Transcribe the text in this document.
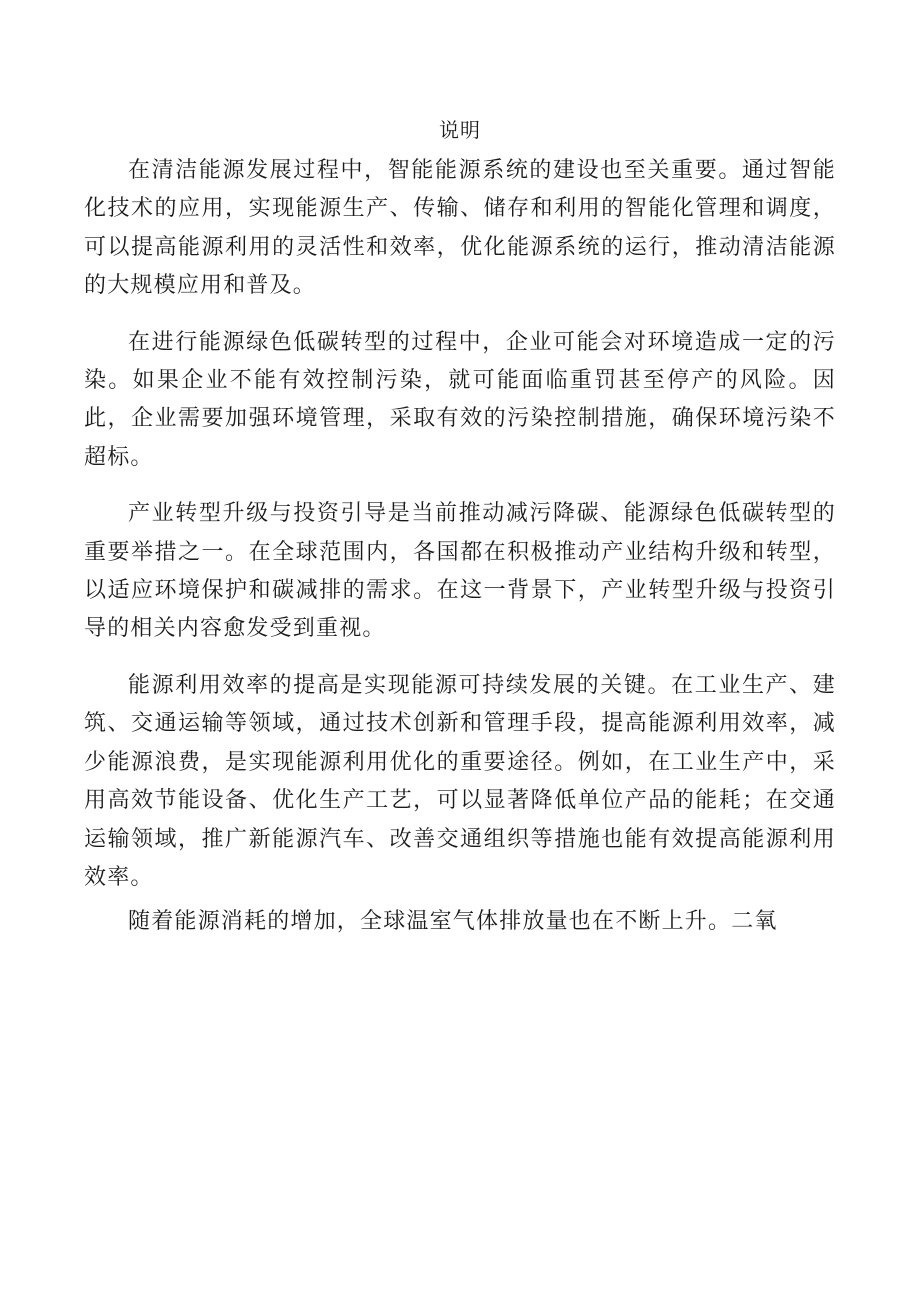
说明

在清洁能源发展过程中，智能能源系统的建设也至关重要。通过智能化技术的应用，实现能源生产、传输、储存和利用的智能化管理和调度，可以提高能源利用的灵活性和效率，优化能源系统的运行，推动清洁能源的大规模应用和普及。

在进行能源绿色低碳转型的过程中，企业可能会对环境造成一定的污染。如果企业不能有效控制污染，就可能面临重罚甚至停产的风险。因此，企业需要加强环境管理，采取有效的污染控制措施，确保环境污染不超标。

产业转型升级与投资引导是当前推动减污降碳、能源绿色低碳转型的重要举措之一。在全球范围内，各国都在积极推动产业结构升级和转型，以适应环境保护和碳减排的需求。在这一背景下，产业转型升级与投资引导的相关内容愈发受到重视。

能源利用效率的提高是实现能源可持续发展的关键。在工业生产、建筑、交通运输等领域，通过技术创新和管理手段，提高能源利用效率，减少能源浪费，是实现能源利用优化的重要途径。例如，在工业生产中，采用高效节能设备、优化生产工艺，可以显著降低单位产品的能耗；在交通运输领域，推广新能源汽车、改善交通组织等措施也能有效提高能源利用效率。

随着能源消耗的增加，全球温室气体排放量也在不断上升。二氧
